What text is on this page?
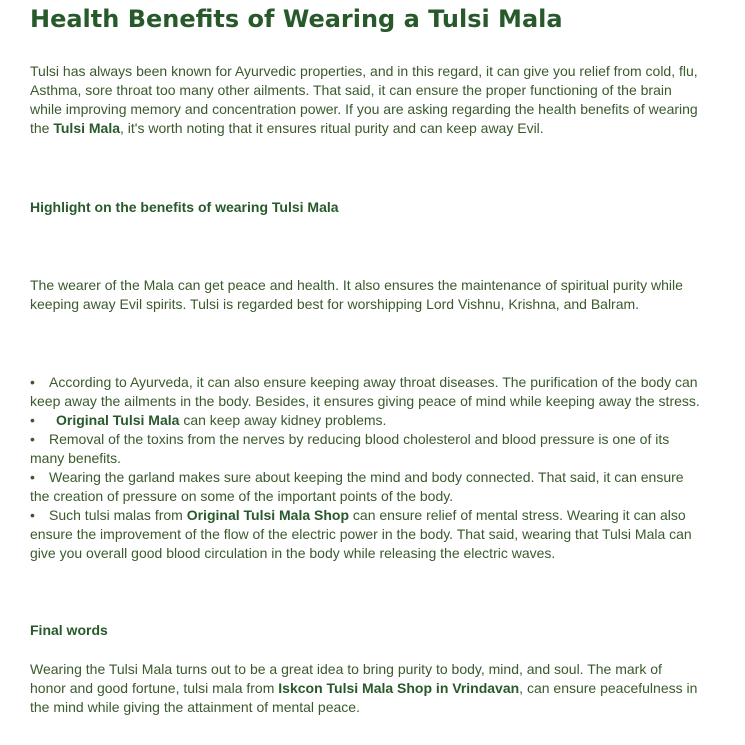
Health Benefits of Wearing a Tulsi Mala

Tulsi has always been known for Ayurvedic properties, and in this regard, it can give you relief from cold, flu, Asthma, sore throat too many other ailments. That said, it can ensure the proper functioning of the brain while improving memory and concentration power. If you are asking regarding the health benefits of wearing the Tulsi Mala, it's worth noting that it ensures ritual purity and can keep away Evil.

Highlight on the benefits of wearing Tulsi Mala

The wearer of the Mala can get peace and health. It also ensures the maintenance of spiritual purity while keeping away Evil spirits. Tulsi is regarded best for worshipping Lord Vishnu, Krishna, and Balram.

• According to Ayurveda, it can also ensure keeping away throat diseases. The purification of the body can keep away the ailments in the body. Besides, it ensures giving peace of mind while keeping away the stress.
• Original Tulsi Mala can keep away kidney problems.
• Removal of the toxins from the nerves by reducing blood cholesterol and blood pressure is one of its many benefits.
• Wearing the garland makes sure about keeping the mind and body connected. That said, it can ensure the creation of pressure on some of the important points of the body.
• Such tulsi malas from Original Tulsi Mala Shop can ensure relief of mental stress. Wearing it can also ensure the improvement of the flow of the electric power in the body. That said, wearing that Tulsi Mala can give you overall good blood circulation in the body while releasing the electric waves.
Final words

Wearing the Tulsi Mala turns out to be a great idea to bring purity to body, mind, and soul. The mark of honor and good fortune, tulsi mala from Iskcon Tulsi Mala Shop in Vrindavan, can ensure peacefulness in the mind while giving the attainment of mental peace.
